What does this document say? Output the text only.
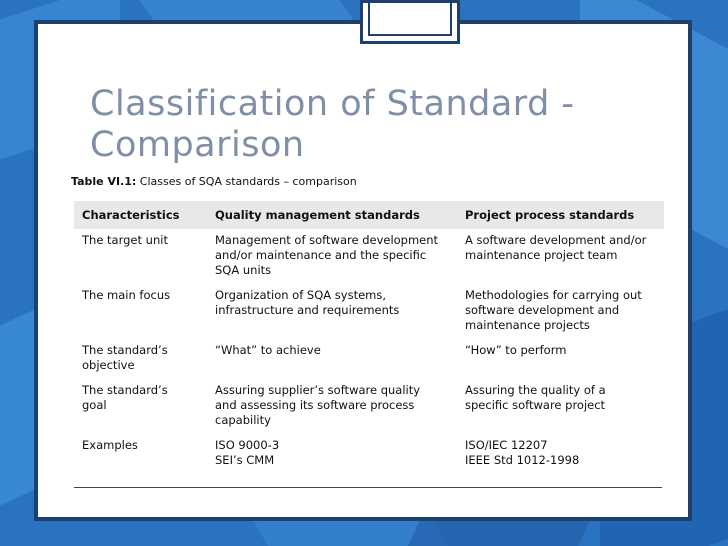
Classification of Standard -
Comparison
Table VI.1: Classes of SQA standards – comparison
Characteristics	Quality management standards	Project process standards

The target unit	Management of software development
and/or maintenance and the specific
SQA units	A software development and/or
maintenance project team

The main focus	Organization of SQA systems,
infrastructure and requirements	Methodologies for carrying out
software development and
maintenance projects

The standard’s
objective	“What” to achieve	“How” to perform

The standard’s
goal	Assuring supplier’s software quality
and assessing its software process
capability	Assuring the quality of a
specific software project

Examples	ISO 9000-3
SEI’s CMM	ISO/IEC 12207
IEEE Std 1012-1998
